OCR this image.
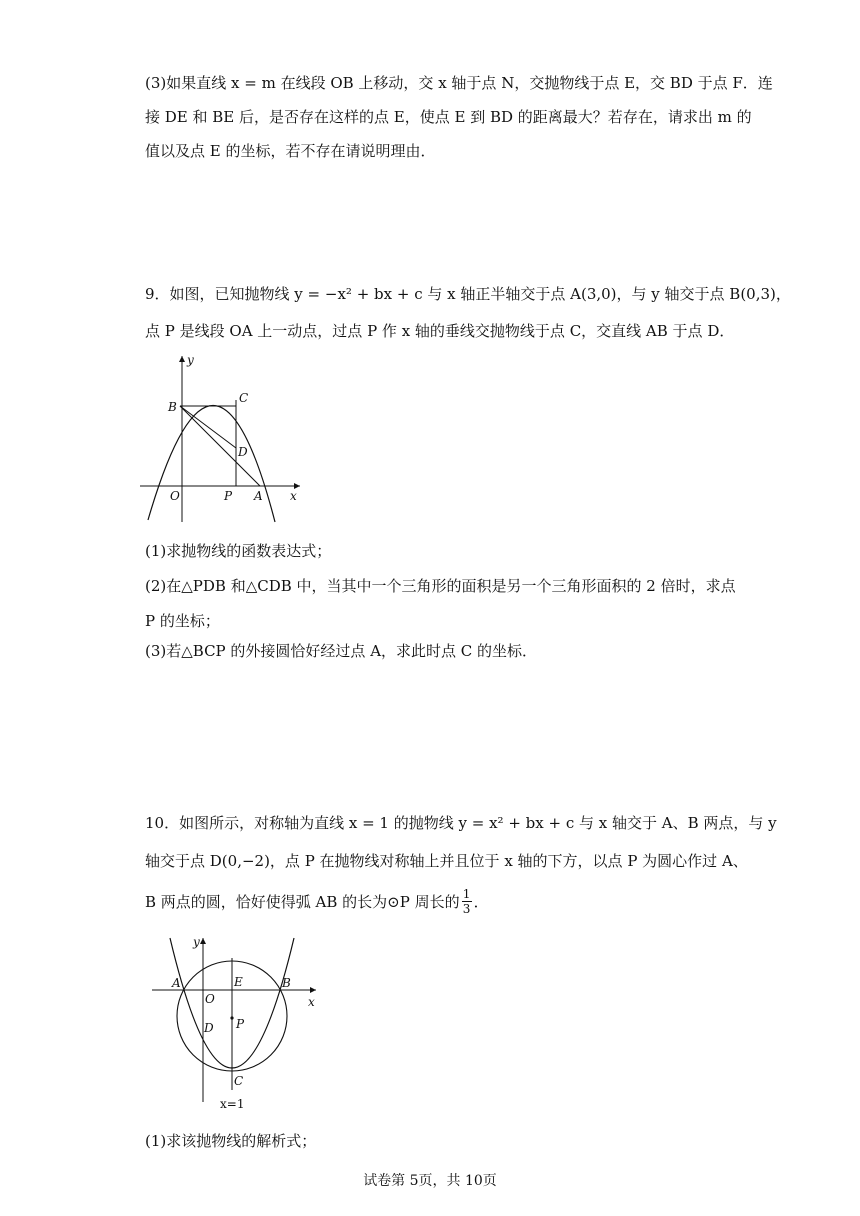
(3)如果直线 x = m 在线段 OB 上移动，交 x 轴于点 N，交抛物线于点 E，交 BD 于点 F．连
接 DE 和 BE 后，是否存在这样的点 E，使点 E 到 BD 的距离最大？若存在，请求出 m 的
值以及点 E 的坐标，若不存在请说明理由．
9．如图，已知抛物线 y = −x² + bx + c 与 x 轴正半轴交于点 A(3,0)，与 y 轴交于点 B(0,3)，
点 P 是线段 OA 上一动点，过点 P 作 x 轴的垂线交抛物线于点 C，交直线 AB 于点 D．
y
x
B
C
D
O	P A
(1)求抛物线的函数表达式；
(2)在△PDB 和△CDB 中，当其中一个三角形的面积是另一个三角形面积的 2 倍时，求点
P 的坐标；
(3)若△BCP 的外接圆恰好经过点 A，求此时点 C 的坐标．
10．如图所示，对称轴为直线 x = 1 的抛物线 y = x² + bx + c 与 x 轴交于 A、B 两点，与 y
轴交于点 D(0,−2)，点 P 在抛物线对称轴上并且位于 x 轴的下方，以点 P 为圆心作过 A、
B 两点的圆，恰好使得弧 AB 的长为⊙P 周长的 1
3 ．
y
x
A
O
E	B
D P
C
x=1
(1)求该抛物线的解析式；
试卷第 5页，共 10页
